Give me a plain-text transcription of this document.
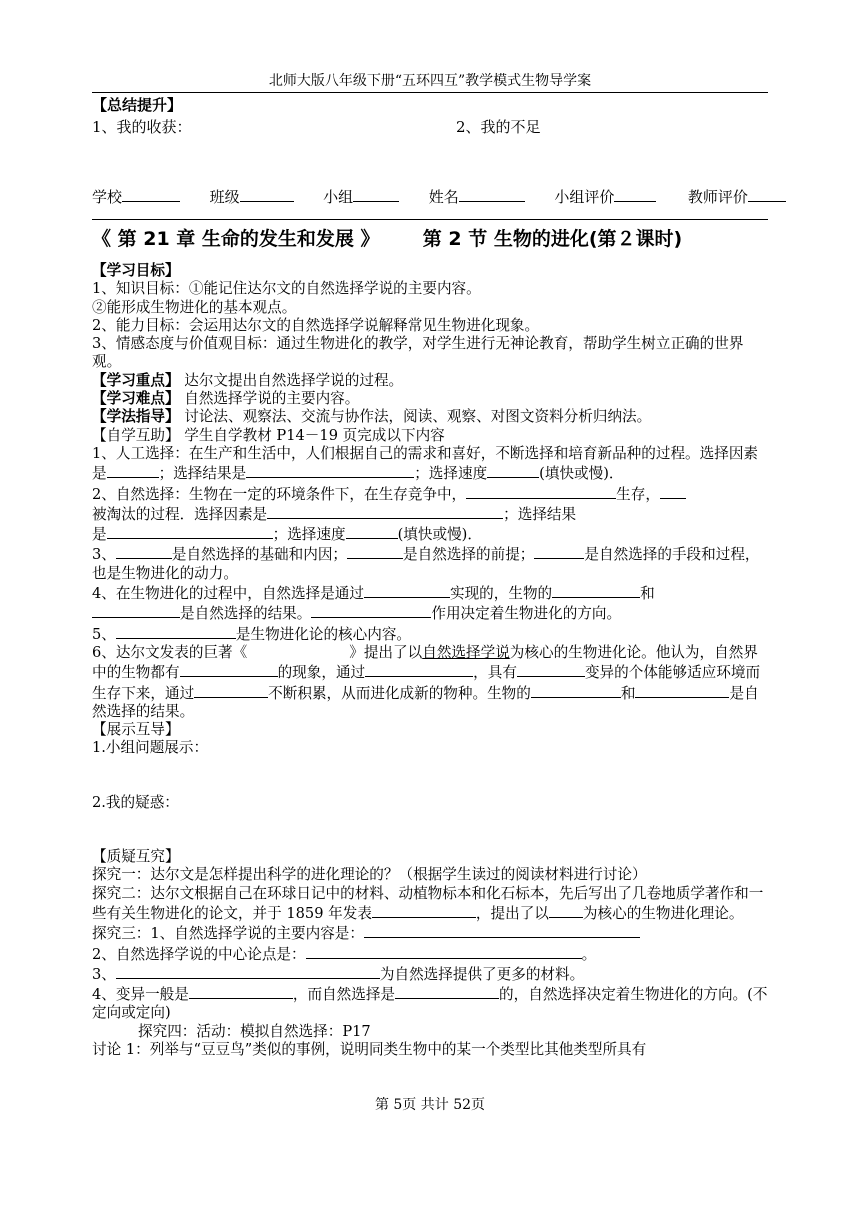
北师大版八年级下册“五环四互”教学模式生物导学案
【总结提升】
1、我的收获：	2、我的不足
学校	班级	小组	姓名	小组评价	教师评价
《 第 21 章 生命的发生和发展 》 第 2 节 生物的进化(第２课时)

【学习目标】

1、知识目标：①能记住达尔文的自然选择学说的主要内容。

②能形成生物进化的基本观点。

2、能力目标：会运用达尔文的自然选择学说解释常见生物进化现象。

3、情感态度与价值观目标：通过生物进化的教学，对学生进行无神论教育，帮助学生树立正确的世界观。

【学习重点】 达尔文提出自然选择学说的过程。

【学习难点】 自然选择学说的主要内容。

【学法指导】 讨论法、观察法、交流与协作法，阅读、观察、对图文资料分析归纳法。

【自学互助】 学生自学教材 P14－19 页完成以下内容

1、人工选择：在生产和生活中，人们根据自己的需求和喜好，不断选择和培育新品种的过程。选择因素是	；选择结果是	；选择速度	(填快或慢)．

2、自然选择：生物在一定的环境条件下，在生存竞争中，	生存，
被淘汰的过程．选择因素是	；选择结果
是	；选择速度	(填快或慢)．

3、	是自然选择的基础和内因；	是自然选择的前提；	是自然选择的手段和过程，也是生物进化的动力。

4、在生物进化的过程中，自然选择是通过	实现的，生物的	和
是自然选择的结果。	作用决定着生物进化的方向。

5、	是生物进化论的核心内容。

6、达尔文发表的巨著《	》提出了以自然选择学说为核心的生物进化论。他认为，自然界中的生物都有	的现象，通过	，具有	变异的个体能够适应环境而生存下来，通过	不断积累，从而进化成新的物种。生物的	和	是自然选择的结果。

【展示互导】

1.小组问题展示：

2.我的疑惑：

【质疑互究】

探究一：达尔文是怎样提出科学的进化理论的？（根据学生读过的阅读材料进行讨论）

探究二：达尔文根据自己在环球日记中的材料、动植物标本和化石标本，先后写出了几卷地质学著作和一些有关生物进化的论文，并于 1859 年发表	，提出了以 为核心的生物进化理论。

探究三：1、自然选择学说的主要内容是：

2、自然选择学说的中心论点是：	。

3、	为自然选择提供了更多的材料。

4、变异一般是	，而自然选择是	的，自然选择决定着生物进化的方向。(不定向或定向)

探究四：活动：模拟自然选择：P17

讨论 1：列举与“豆豆鸟”类似的事例，说明同类生物中的某一个类型比其他类型所具有

第 5页 共计 52页
